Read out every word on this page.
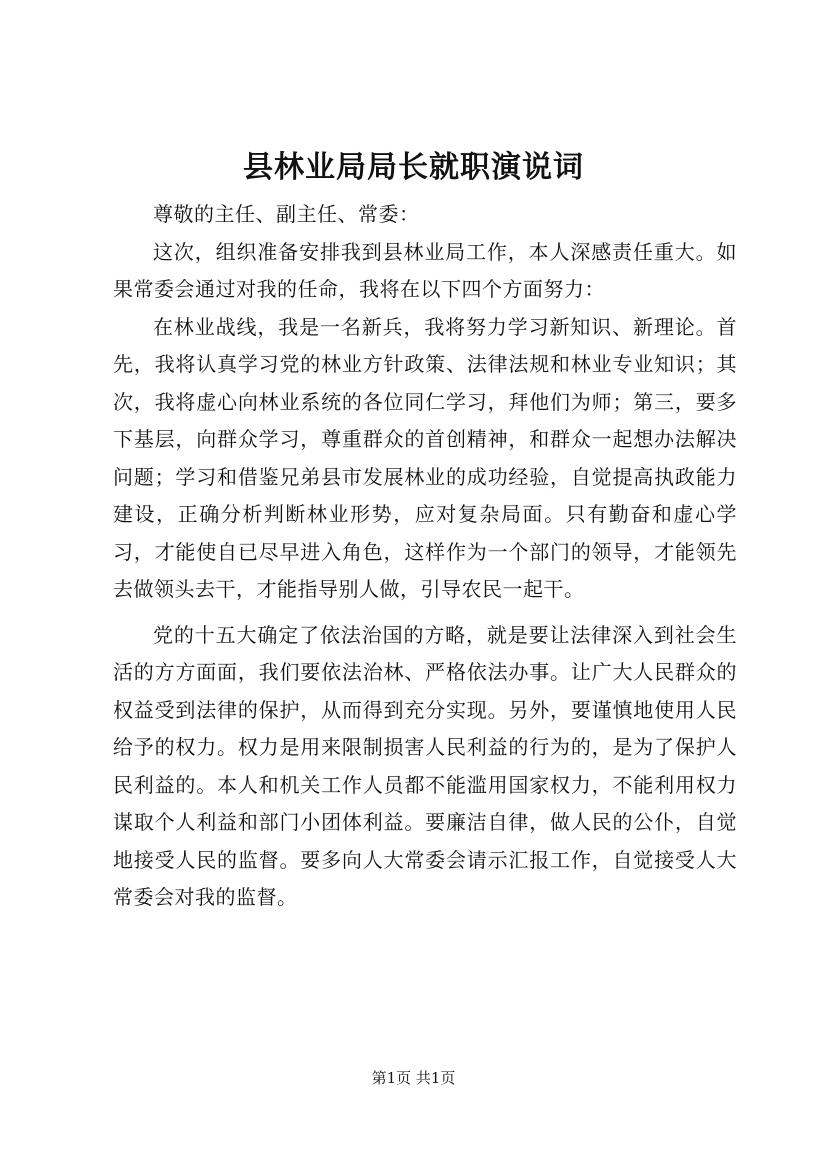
县林业局局长就职演说词

尊敬的主任、副主任、常委：

这次，组织准备安排我到县林业局工作，本人深感责任重大。如果常委会通过对我的任命，我将在以下四个方面努力：

在林业战线，我是一名新兵，我将努力学习新知识、新理论。首先，我将认真学习党的林业方针政策、法律法规和林业专业知识；其次，我将虚心向林业系统的各位同仁学习，拜他们为师；第三，要多下基层，向群众学习，尊重群众的首创精神，和群众一起想办法解决问题；学习和借鉴兄弟县市发展林业的成功经验，自觉提高执政能力建设，正确分析判断林业形势，应对复杂局面。只有勤奋和虚心学习，才能使自已尽早进入角色，这样作为一个部门的领导，才能领先去做领头去干，才能指导别人做，引导农民一起干。

党的十五大确定了依法治国的方略，就是要让法律深入到社会生活的方方面面，我们要依法治林、严格依法办事。让广大人民群众的权益受到法律的保护，从而得到充分实现。另外，要谨慎地使用人民给予的权力。权力是用来限制损害人民利益的行为的，是为了保护人民利益的。本人和机关工作人员都不能滥用国家权力，不能利用权力谋取个人利益和部门小团体利益。要廉洁自律，做人民的公仆，自觉地接受人民的监督。要多向人大常委会请示汇报工作，自觉接受人大常委会对我的监督。

第1页 共1页
